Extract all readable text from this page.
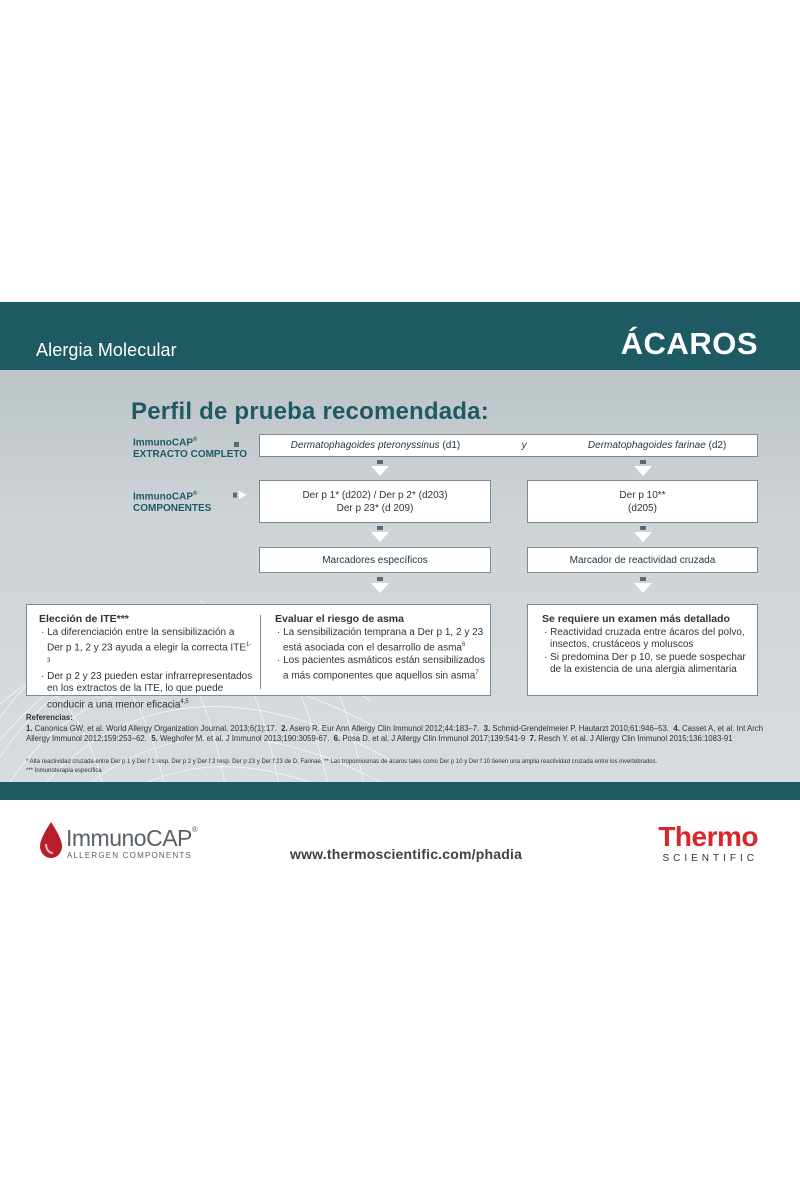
Alergia Molecular	ÁCAROS
Perfil de prueba recomendada:
ImmunoCAP®
EXTRACTO COMPLETO
ImmunoCAP®
COMPONENTES
Dermatophagoides pteronyssinus (d1)	y	Dermatophagoides farinae (d2)
Der p 1* (d202) / Der p 2* (d203)
Der p 23* (d 209)
Der p 10**
(d205)
Marcadores específicos	Marcador de reactividad cruzada
Elección de ITE***
· La diferenciación entre la sensibilización a Der p 1, 2 y 23 ayuda a elegir la correcta $ITE^{1-3}$
· Der p 2 y 23 pueden estar infrarrepresentados en los extractos de la ITE, lo que puede conducir a una menor eficacia$^{4,5}$
Evaluar el riesgo de asma
· La sensibilización temprana a Der p 1, 2 y 23 está asociada con el desarrollo de asma$^6$
· Los pacientes asmáticos están sensibilizados a más componentes que aquellos sin asma$^7$
Se requiere un examen más detallado
· Reactividad cruzada entre ácaros del polvo, insectos, crustáceos y moluscos
· Si predomina Der p 10, se puede sospechar de la existencia de una alergia alimentaria
Referencias:
1. Canonica GW, et al. World Allergy Organization Journal. 2013;6(1):17. 2. Asero R. Eur Ann Allergy Clin Immunol 2012;44:183–7. 3. Schmid-Grendelmeier P. Hautarzt 2010;61:946–53. 4. Casset A, et al. Int Arch Allergy Immunol 2012;159:253–62. 5. Weghofer M. et al. J Immunol 2013;190:3059-67. 6. Posa D. et al. J Allergy Clin Immunol 2017;139:541-9 7. Resch Y. et al. J Allergy Clin Immunol 2015;136:1083-91
* Alta reactividad cruzada entre Der p 1 y Der f 1 resp. Der p 2 y Der f 2 resp. Der p 23 y Der f 23 de D. Farinae. ** Las tropomiosinas de ácaros tales como Der p 10 y Der f 10 tienen una amplia reactividad cruzada entre los invertebrados.
*** Inmunoterapia específica
ImmunoCAP®
ALLERGEN COMPONENTS	www.thermoscientific.com/phadia
Thermo
SCIENTIFIC
